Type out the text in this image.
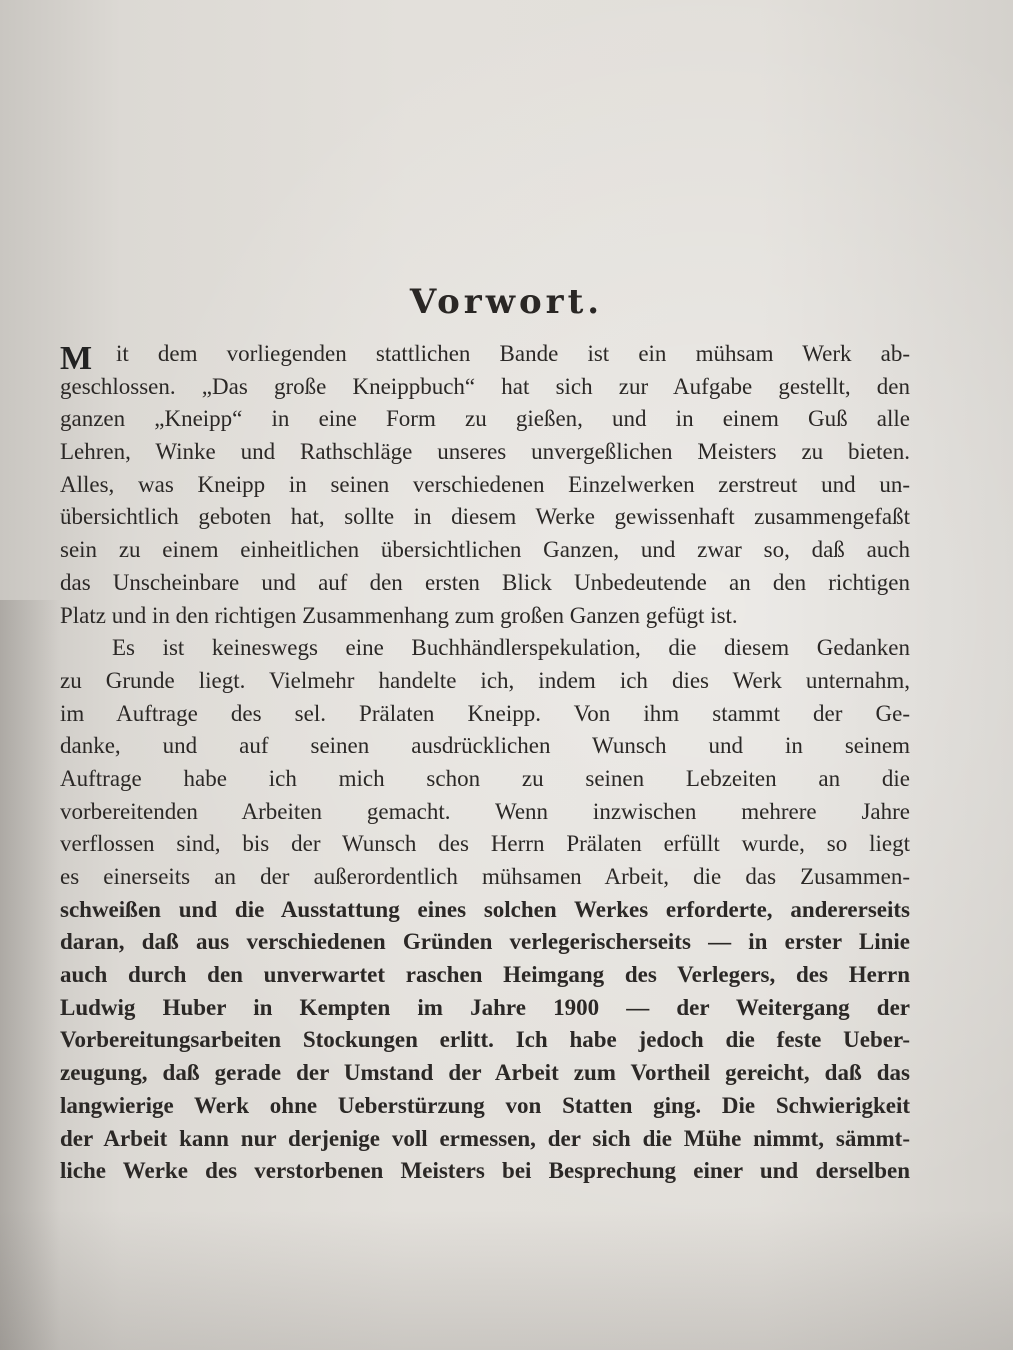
Vorwort.
M it dem vorliegenden stattlichen Bande ist ein mühsam Werk ab-
geschlossen. „Das große Kneippbuch“ hat sich zur Aufgabe gestellt, den
ganzen „Kneipp“ in eine Form zu gießen, und in einem Guß alle
Lehren, Winke und Rathschläge unseres unvergeßlichen Meisters zu bieten.
Alles, was Kneipp in seinen verschiedenen Einzelwerken zerstreut und un-
übersichtlich geboten hat, sollte in diesem Werke gewissenhaft zusammengefaßt
sein zu einem einheitlichen übersichtlichen Ganzen, und zwar so, daß auch
das Unscheinbare und auf den ersten Blick Unbedeutende an den richtigen
Platz und in den richtigen Zusammenhang zum großen Ganzen gefügt ist.
Es ist keineswegs eine Buchhändlerspekulation, die diesem Gedanken
zu Grunde liegt. Vielmehr handelte ich, indem ich dies Werk unternahm,
im Auftrage des sel. Prälaten Kneipp. Von ihm stammt der Ge-
danke, und auf seinen ausdrücklichen Wunsch und in seinem
Auftrage habe ich mich schon zu seinen Lebzeiten an die
vorbereitenden Arbeiten gemacht. Wenn inzwischen mehrere Jahre
verflossen sind, bis der Wunsch des Herrn Prälaten erfüllt wurde, so liegt
es einerseits an der außerordentlich mühsamen Arbeit, die das Zusammen-
schweißen und die Ausstattung eines solchen Werkes erforderte, andererseits
daran, daß aus verschiedenen Gründen verlegerischerseits — in erster Linie
auch durch den unverwartet raschen Heimgang des Verlegers, des Herrn
Ludwig Huber in Kempten im Jahre 1900 — der Weitergang der
Vorbereitungsarbeiten Stockungen erlitt. Ich habe jedoch die feste Ueber-
zeugung, daß gerade der Umstand der Arbeit zum Vortheil gereicht, daß das
langwierige Werk ohne Ueberstürzung von Statten ging. Die Schwierigkeit
der Arbeit kann nur derjenige voll ermessen, der sich die Mühe nimmt, sämmt-
liche Werke des verstorbenen Meisters bei Besprechung einer und derselben
